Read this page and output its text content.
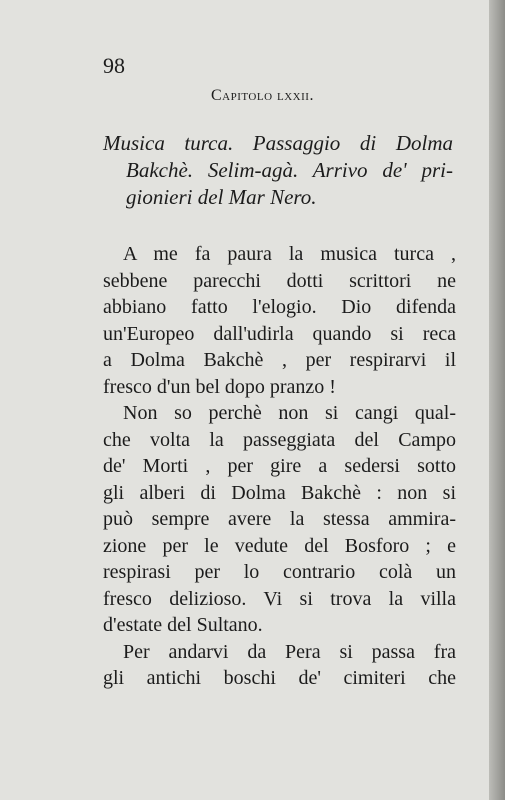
98
Capitolo lxxii.
Musica turca. Passaggio di Dolma
Bakchè. Selim-agà. Arrivo de' pri-
gionieri del Mar Nero.
A me fa paura la musica turca ,
sebbene parecchi dotti scrittori ne
abbiano fatto l'elogio. Dio difenda
un'Europeo dall'udirla quando si reca
a Dolma Bakchè , per respirarvi il
fresco d'un bel dopo pranzo !
Non so perchè non si cangi qual-
che volta la passeggiata del Campo
de' Morti , per gire a sedersi sotto
gli alberi di Dolma Bakchè : non si
può sempre avere la stessa ammira-
zione per le vedute del Bosforo ; e
respirasi per lo contrario colà un
fresco delizioso. Vi si trova la villa
d'estate del Sultano.
Per andarvi da Pera si passa fra
gli antichi boschi de' cimiteri che
